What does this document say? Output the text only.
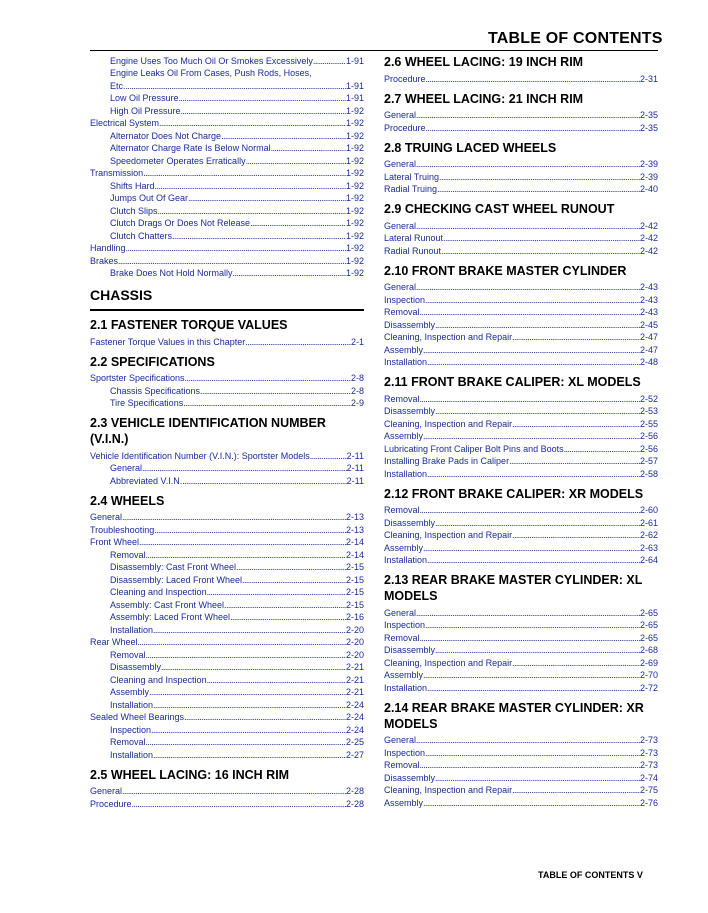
TABLE OF CONTENTS
Engine Uses Too Much Oil Or Smokes Excessively .....	1-91
Engine Leaks Oil From Cases, Push Rods, Hoses,
Etc. .....	1-91
Low Oil Pressure .....	1-91
High Oil Pressure .....	1-92
Electrical System .....	1-92
Alternator Does Not Charge .....	1-92
Alternator Charge Rate Is Below Normal .....	1-92
Speedometer Operates Erratically .....	1-92
Transmission .....	1-92
Shifts Hard .....	1-92
Jumps Out Of Gear .....	1-92
Clutch Slips .....	1-92
Clutch Drags Or Does Not Release .....	1-92
Clutch Chatters .....	1-92
Handling .....	1-92
Brakes .....	1-92
Brake Does Not Hold Normally .....	1-92
CHASSIS
2.1 FASTENER TORQUE VALUES
Fastener Torque Values in this Chapter .....	2-1
2.2 SPECIFICATIONS
Sportster Specifications .....	2-8
Chassis Specifications .....	2-8
Tire Specifications .....	2-9
2.3 VEHICLE IDENTIFICATION NUMBER (V.I.N.)
Vehicle Identification Number (V.I.N.): Sportster Models .....	2-11
General .....	2-11
Abbreviated V.I.N. .....	2-11
2.4 WHEELS
General .....	2-13
Troubleshooting .....	2-13
Front Wheel .....	2-14
Removal .....	2-14
Disassembly: Cast Front Wheel .....	2-15
Disassembly: Laced Front Wheel .....	2-15
Cleaning and Inspection .....	2-15
Assembly: Cast Front Wheel .....	2-15
Assembly: Laced Front Wheel .....	2-16
Installation .....	2-20
Rear Wheel .....	2-20
Removal .....	2-20
Disassembly .....	2-21
Cleaning and Inspection .....	2-21
Assembly .....	2-21
Installation .....	2-24
Sealed Wheel Bearings .....	2-24
Inspection .....	2-24
Removal .....	2-25
Installation .....	2-27
2.5 WHEEL LACING: 16 INCH RIM
General .....	2-28
Procedure .....	2-28
2.6 WHEEL LACING: 19 INCH RIM
Procedure .....	2-31
2.7 WHEEL LACING: 21 INCH RIM
General .....	2-35
Procedure .....	2-35
2.8 TRUING LACED WHEELS
General .....	2-39
Lateral Truing .....	2-39
Radial Truing .....	2-40
2.9 CHECKING CAST WHEEL RUNOUT
General .....	2-42
Lateral Runout .....	2-42
Radial Runout .....	2-42
2.10 FRONT BRAKE MASTER CYLINDER
General .....	2-43
Inspection .....	2-43
Removal .....	2-43
Disassembly .....	2-45
Cleaning, Inspection and Repair .....	2-47
Assembly .....	2-47
Installation .....	2-48
2.11 FRONT BRAKE CALIPER: XL MODELS
Removal .....	2-52
Disassembly .....	2-53
Cleaning, Inspection and Repair .....	2-55
Assembly .....	2-56
Lubricating Front Caliper Bolt Pins and Boots .....	2-56
Installing Brake Pads in Caliper .....	2-57
Installation .....	2-58
2.12 FRONT BRAKE CALIPER: XR MODELS
Removal .....	2-60
Disassembly .....	2-61
Cleaning, Inspection and Repair .....	2-62
Assembly .....	2-63
Installation .....	2-64
2.13 REAR BRAKE MASTER CYLINDER: XL MODELS
General .....	2-65
Inspection .....	2-65
Removal .....	2-65
Disassembly .....	2-68
Cleaning, Inspection and Repair .....	2-69
Assembly .....	2-70
Installation .....	2-72
2.14 REAR BRAKE MASTER CYLINDER: XR MODELS
General .....	2-73
Inspection .....	2-73
Removal .....	2-73
Disassembly .....	2-74
Cleaning, Inspection and Repair .....	2-75
Assembly .....	2-76
TABLE OF CONTENTS V
